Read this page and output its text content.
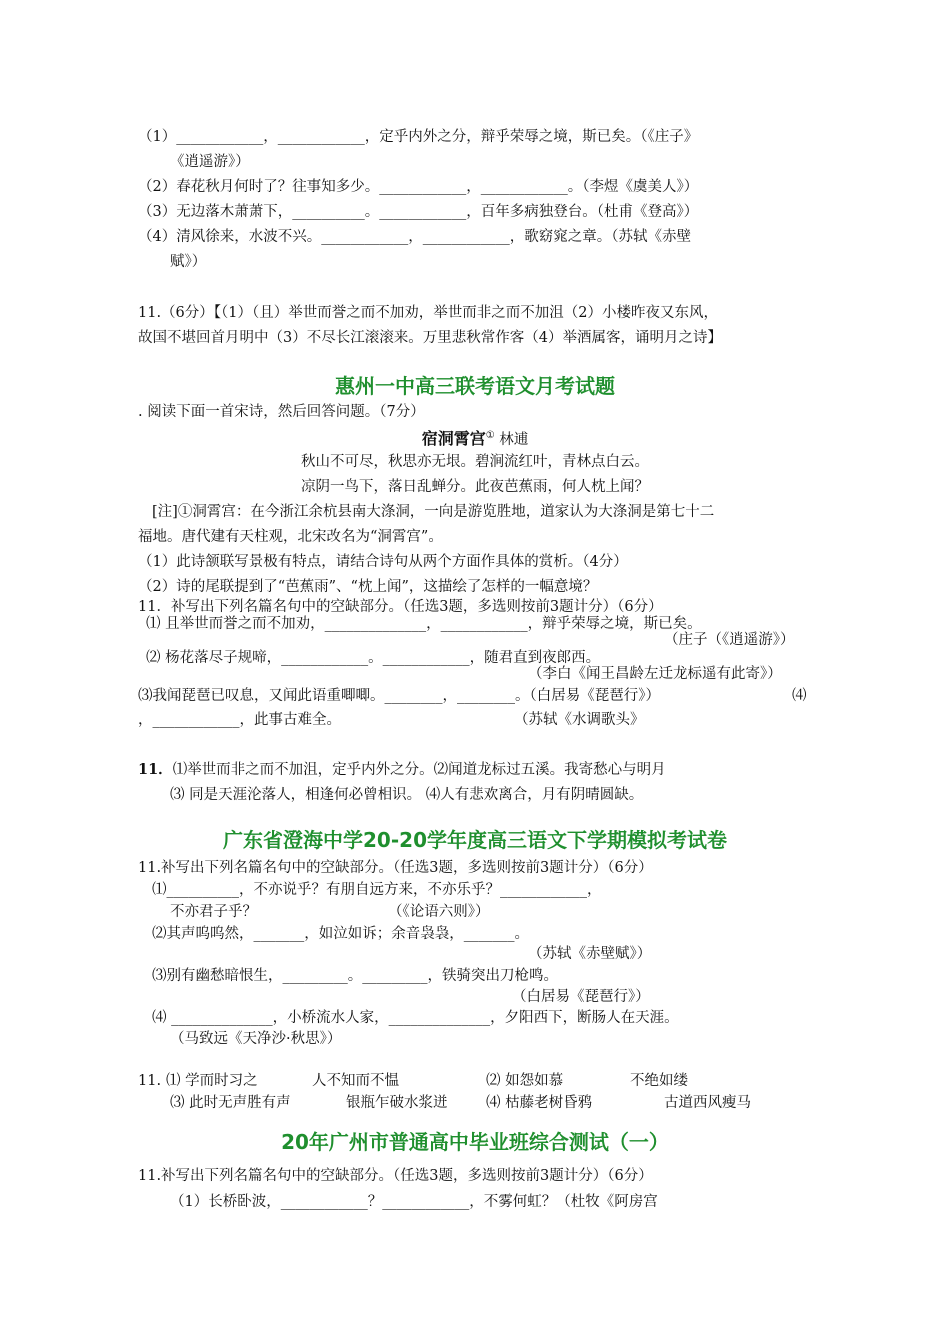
（1）____________，____________，定乎内外之分，辩乎荣辱之境，斯已矣。（《庄子》
《逍遥游》）
（2）春花秋月何时了？往事知多少。____________，____________。（李煜《虞美人》）
（3）无边落木萧萧下，__________。____________，百年多病独登台。（杜甫《登高》）
（4）清风徐来，水波不兴。____________，____________，歌窈窕之章。（苏轼《赤壁
赋》）
11.（6分）【（1）（且）举世而誉之而不加劝，举世而非之而不加沮（2）小楼昨夜又东风，
故国不堪回首月明中（3）不尽长江滚滚来。万里悲秋常作客（4）举酒属客，诵明月之诗】
惠州一中高三联考语文月考试题
. 阅读下面一首宋诗，然后回答问题。（7分）
宿洞霄宫① 林逋
秋山不可尽，秋思亦无垠。碧涧流红叶，青林点白云。
凉阴一鸟下，落日乱蝉分。此夜芭蕉雨，何人枕上闻？
[注]①洞霄宫：在今浙江余杭县南大涤洞，一向是游览胜地，道家认为大涤洞是第七十二
福地。唐代建有天柱观，北宋改名为“洞霄宫”。
（1）此诗颔联写景极有特点，请结合诗句从两个方面作具体的赏析。（4分）
（2）诗的尾联提到了“芭蕉雨”、“枕上闻”，这描绘了怎样的一幅意境？
11．补写出下列名篇名句中的空缺部分。（任选3题，多选则按前3题计分）（6分）
⑴ 且举世而誉之而不加劝，______________，____________，辩乎荣辱之境，斯已矣。
（庄子（《逍遥游》）
⑵ 杨花落尽子规啼，____________。____________，随君直到夜郎西。
（李白《闻王昌龄左迁龙标遥有此寄》）
⑶我闻琵琶已叹息，又闻此语重唧唧。________，________。（白居易《琵琶行》）	⑷
，____________，此事古难全。	（苏轼《水调歌头》
11．⑴举世而非之而不加沮，定乎内外之分。⑵闻道龙标过五溪。我寄愁心与明月
⑶ 同是天涯沦落人，相逢何必曾相识。 ⑷人有悲欢离合，月有阴晴圆缺。
广东省澄海中学20-20学年度高三语文下学期模拟考试卷
11.补写出下列名篇名句中的空缺部分。（任选3题，多选则按前3题计分）（6分）
⑴__________，不亦说乎？有朋自远方来，不亦乐乎？____________，
不亦君子乎？	（《论语六则》）
⑵其声呜呜然，_______，如泣如诉；余音袅袅，_______。
（苏轼《赤壁赋》）
⑶别有幽愁暗恨生，_________。_________，铁骑突出刀枪鸣。
（白居易《琵琶行》）
⑷ ______________，小桥流水人家，______________，夕阳西下，断肠人在天涯。
（马致远《天净沙·秋思》）
11. ⑴ 学而时习之	人不知而不愠	⑵ 如怨如慕	不绝如缕
⑶ 此时无声胜有声	银瓶乍破水浆迸	⑷ 枯藤老树昏鸦	古道西风瘦马
20年广州市普通高中毕业班综合测试（一）
11.补写出下列名篇名句中的空缺部分。（任选3题，多选则按前3题计分）（6分）
（1）长桥卧波，____________？____________，不雾何虹？（杜牧《阿房宫
